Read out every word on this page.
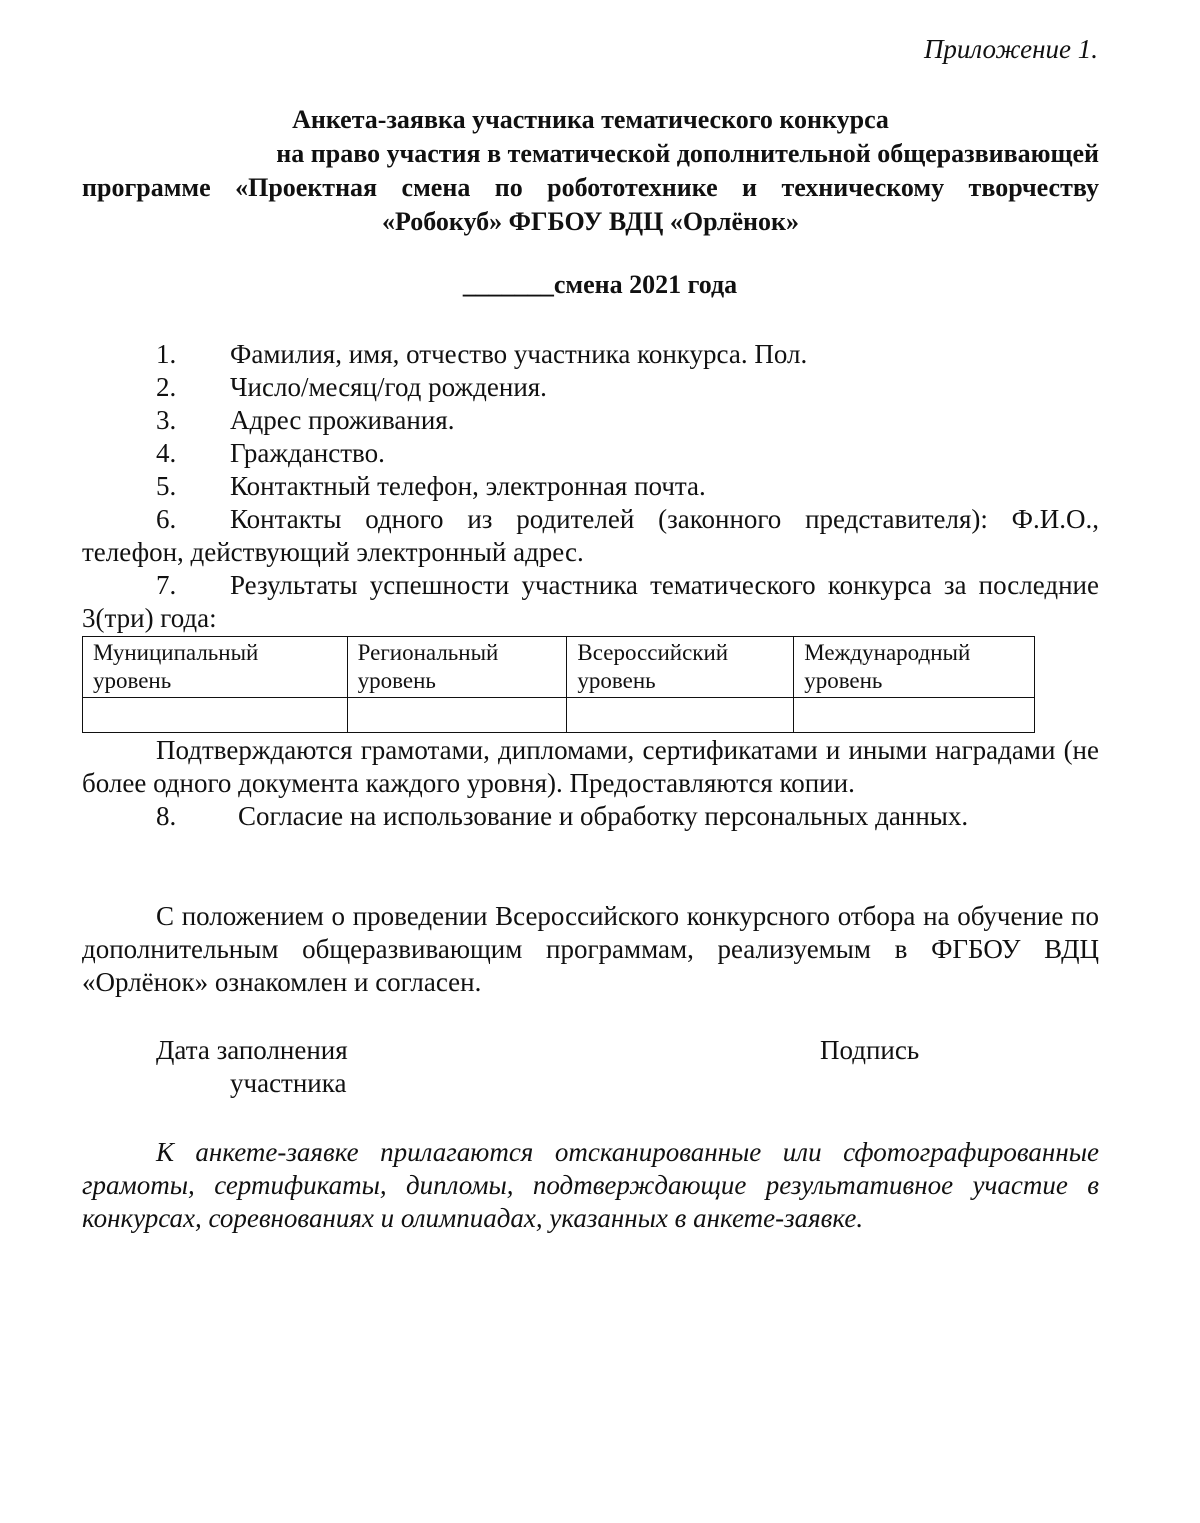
Приложение 1.
Анкета-заявка участника тематического конкурса
на право участия в тематической дополнительной общеразвивающей
программе «Проектная смена по робототехнике и техническому творчеству
«Робокуб» ФГБОУ ВДЦ «Орлёнок»
_______смена 2021 года
1. Фамилия, имя, отчество участника конкурса. Пол.
2. Число/месяц/год рождения.
3. Адрес проживания.
4. Гражданство.
5. Контактный телефон, электронная почта.
6. Контакты одного из родителей (законного представителя): Ф.И.О., телефон, действующий электронный адрес.
7. Результаты успешности участника тематического конкурса за последние 3(три) года:
Муниципальный уровень	Региональный уровень	Всероссийский уровень	Международный уровень

Подтверждаются грамотами, дипломами, сертификатами и иными наградами (не более одного документа каждого уровня). Предоставляются копии.
8. Согласие на использование и обработку персональных данных.
С положением о проведении Всероссийского конкурсного отбора на обучение по дополнительным общеразвивающим программам, реализуемым в ФГБОУ ВДЦ «Орлёнок» ознакомлен и согласен.
Дата заполнения	Подпись
участника
К анкете-заявке прилагаются отсканированные или сфотографированные грамоты, сертификаты, дипломы, подтверждающие результативное участие в конкурсах, соревнованиях и олимпиадах, указанных в анкете-заявке.
